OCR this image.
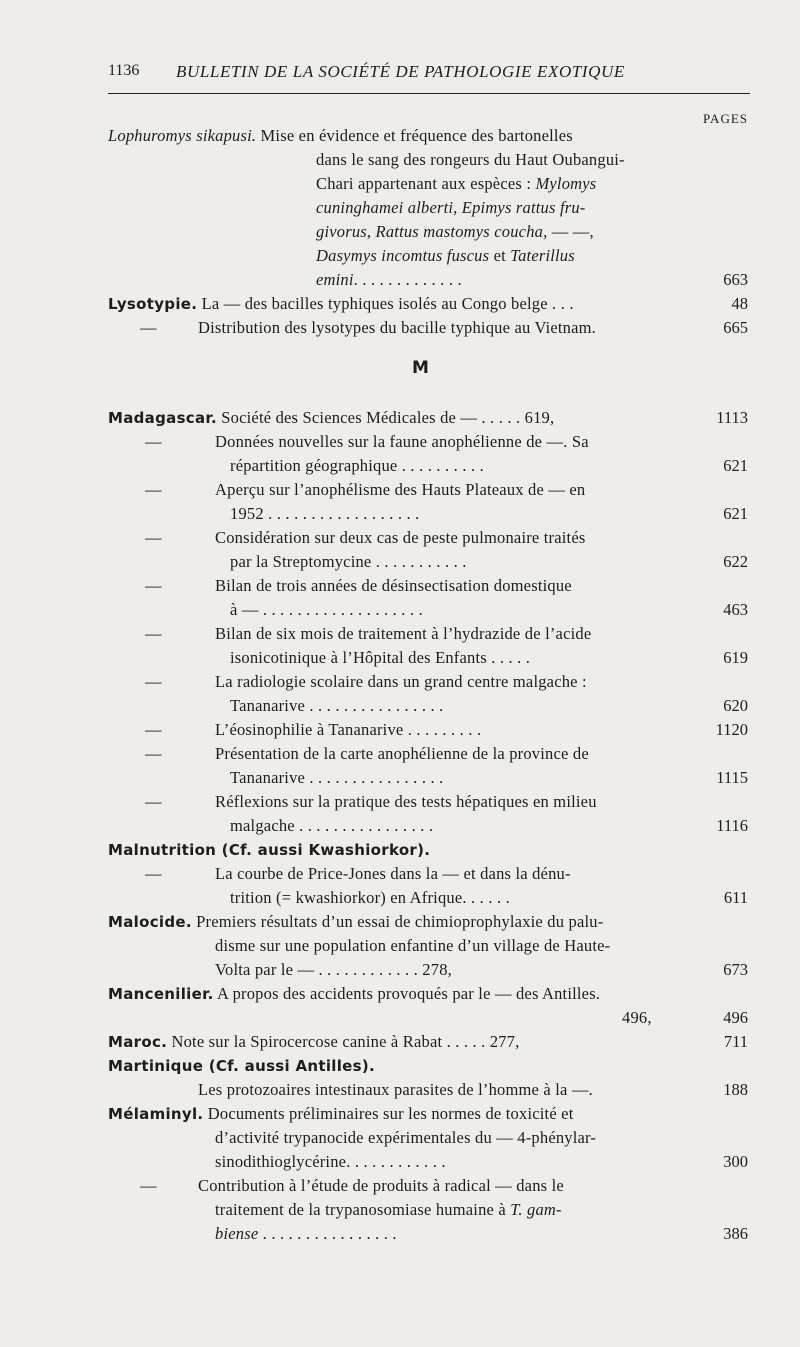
1136 BULLETIN DE LA SOCIÉTÉ DE PATHOLOGIE EXOTIQUE
PAGES
M
Lophuromys sikapusi. Mise en évidence et fréquence des bartonelles
dans le sang des rongeurs du Haut Oubangui-
Chari appartenant aux espèces : Mylomys
cuninghamei alberti, Epimys rattus fru-
givorus, Rattus mastomys coucha, — —,
Dasymys incomtus fuscus et Taterillus
emini. . . . . . . . . . . . .	663
Lysotypie. La — des bacilles typhiques isolés au Congo belge . . .	48
—	Distribution des lysotypes du bacille typhique au Vietnam.	665
Madagascar. Société des Sciences Médicales de — . . . . . 619,	1113
—	Données nouvelles sur la faune anophélienne de —. Sa
répartition géographique . . . . . . . . . .	621
—	Aperçu sur l’anophélisme des Hauts Plateaux de — en
1952 . . . . . . . . . . . . . . . . . .	621
—	Considération sur deux cas de peste pulmonaire traités
par la Streptomycine . . . . . . . . . . .	622
—	Bilan de trois années de désinsectisation domestique
à — . . . . . . . . . . . . . . . . . . .	463
—	Bilan de six mois de traitement à l’hydrazide de l’acide
isonicotinique à l’Hôpital des Enfants . . . . .	619
—	La radiologie scolaire dans un grand centre malgache :
Tananarive . . . . . . . . . . . . . . . .	620
—	L’éosinophilie à Tananarive . . . . . . . . .	1120
—	Présentation de la carte anophélienne de la province de
Tananarive . . . . . . . . . . . . . . . .	1115
—	Réflexions sur la pratique des tests hépatiques en milieu
malgache . . . . . . . . . . . . . . . .	1116
Malnutrition (Cf. aussi Kwashiorkor).
—	La courbe de Price-Jones dans la — et dans la dénu-
trition (= kwashiorkor) en Afrique. . . . . .	611
Malocide. Premiers résultats d’un essai de chimioprophylaxie du palu-
disme sur une population enfantine d’un village de Haute-
Volta par le — . . . . . . . . . . . . 278,	673
Mancenilier. A propos des accidents provoqués par le — des Antilles.
496,	496
Maroc. Note sur la Spirocercose canine à Rabat . . . . . 277,	711
Martinique (Cf. aussi Antilles).
Les protozoaires intestinaux parasites de l’homme à la —.	188
Mélaminyl. Documents préliminaires sur les normes de toxicité et
d’activité trypanocide expérimentales du — 4-phénylar-
sinodithioglycérine. . . . . . . . . . . .	300
—	Contribution à l’étude de produits à radical — dans le
traitement de la trypanosomiase humaine à T. gam-
biense . . . . . . . . . . . . . . . .	386
